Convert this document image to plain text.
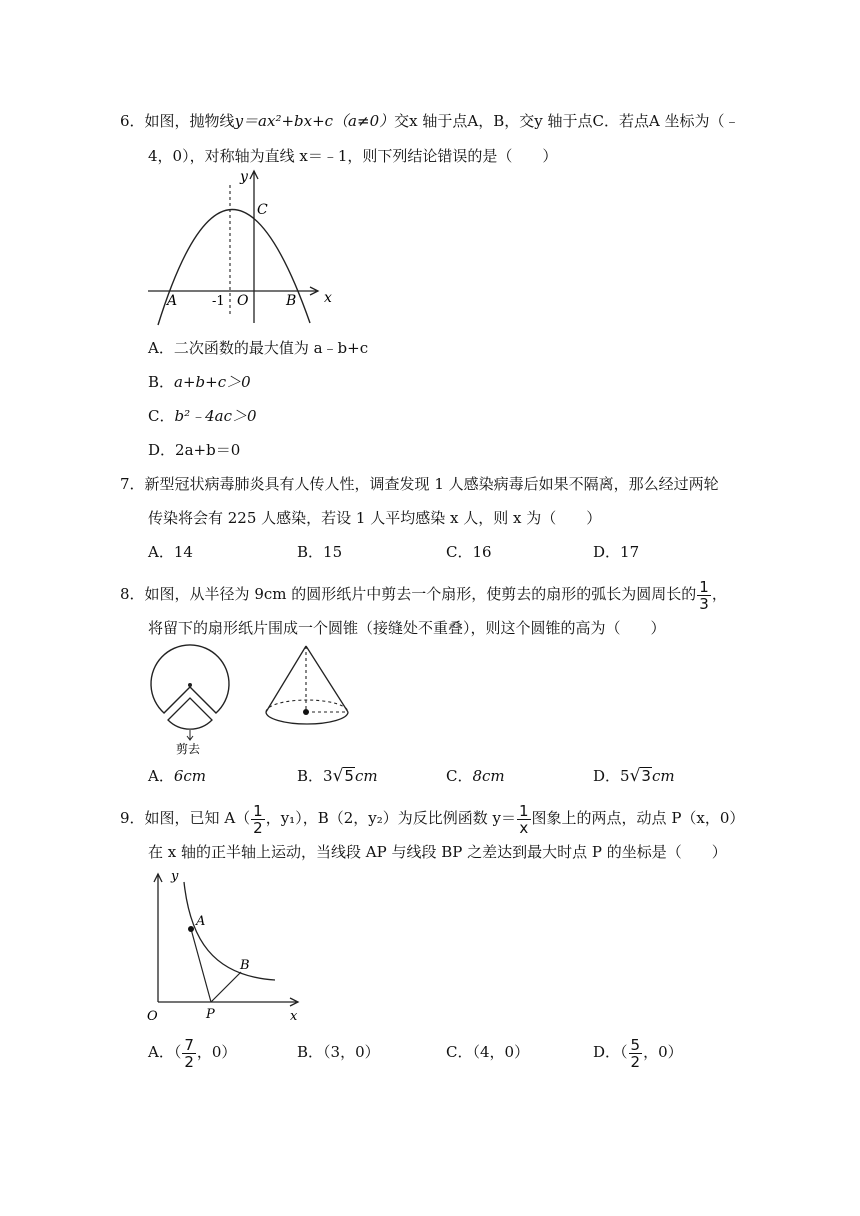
6．如图，抛物线y＝ax²+bx+c（a≠0）交x 轴于点A，B，交y 轴于点C．若点A 坐标为（﹣
4，0），对称轴为直线 x＝﹣1，则下列结论错误的是（　　）
y
x
C
A	-1 O	B
A．二次函数的最大值为 a﹣b+c
B．a+b+c＞0
C．b²﹣4ac＞0
D．2a+b＝0
7．新型冠状病毒肺炎具有人传人性，调查发现 1 人感染病毒后如果不隔离，那么经过两轮
传染将会有 225 人感染，若设 1 人平均感染 x 人，则 x 为（　　）
A．14	B．15	C．16	D．17
8．如图，从半径为 9cm 的圆形纸片中剪去一个扇形，使剪去的扇形的弧长为圆周长的 $\frac{1}{3}$ ，
将留下的扇形纸片围成一个圆锥（接缝处不重叠），则这个圆锥的高为（　　）
剪去
A．6cm	B．3√5cm	C．8cm	D．5√3cm
9．如图，已知 $A( \frac{1}{2}$ ，y₁），B（2，y₂）为反比例函数 $y= \frac{1}{x}$ 图象上的两点，动点 P（x，0）
在 x 轴的正半轴上运动，当线段 AP 与线段 BP 之差达到最大时点 P 的坐标是（　　）
y
x
A
B
O	P
A．（ $\frac{7}{2}$ ，0）	B．（3，0）	C．（4，0）	D．（ $\frac{5}{2}$ ，0）
